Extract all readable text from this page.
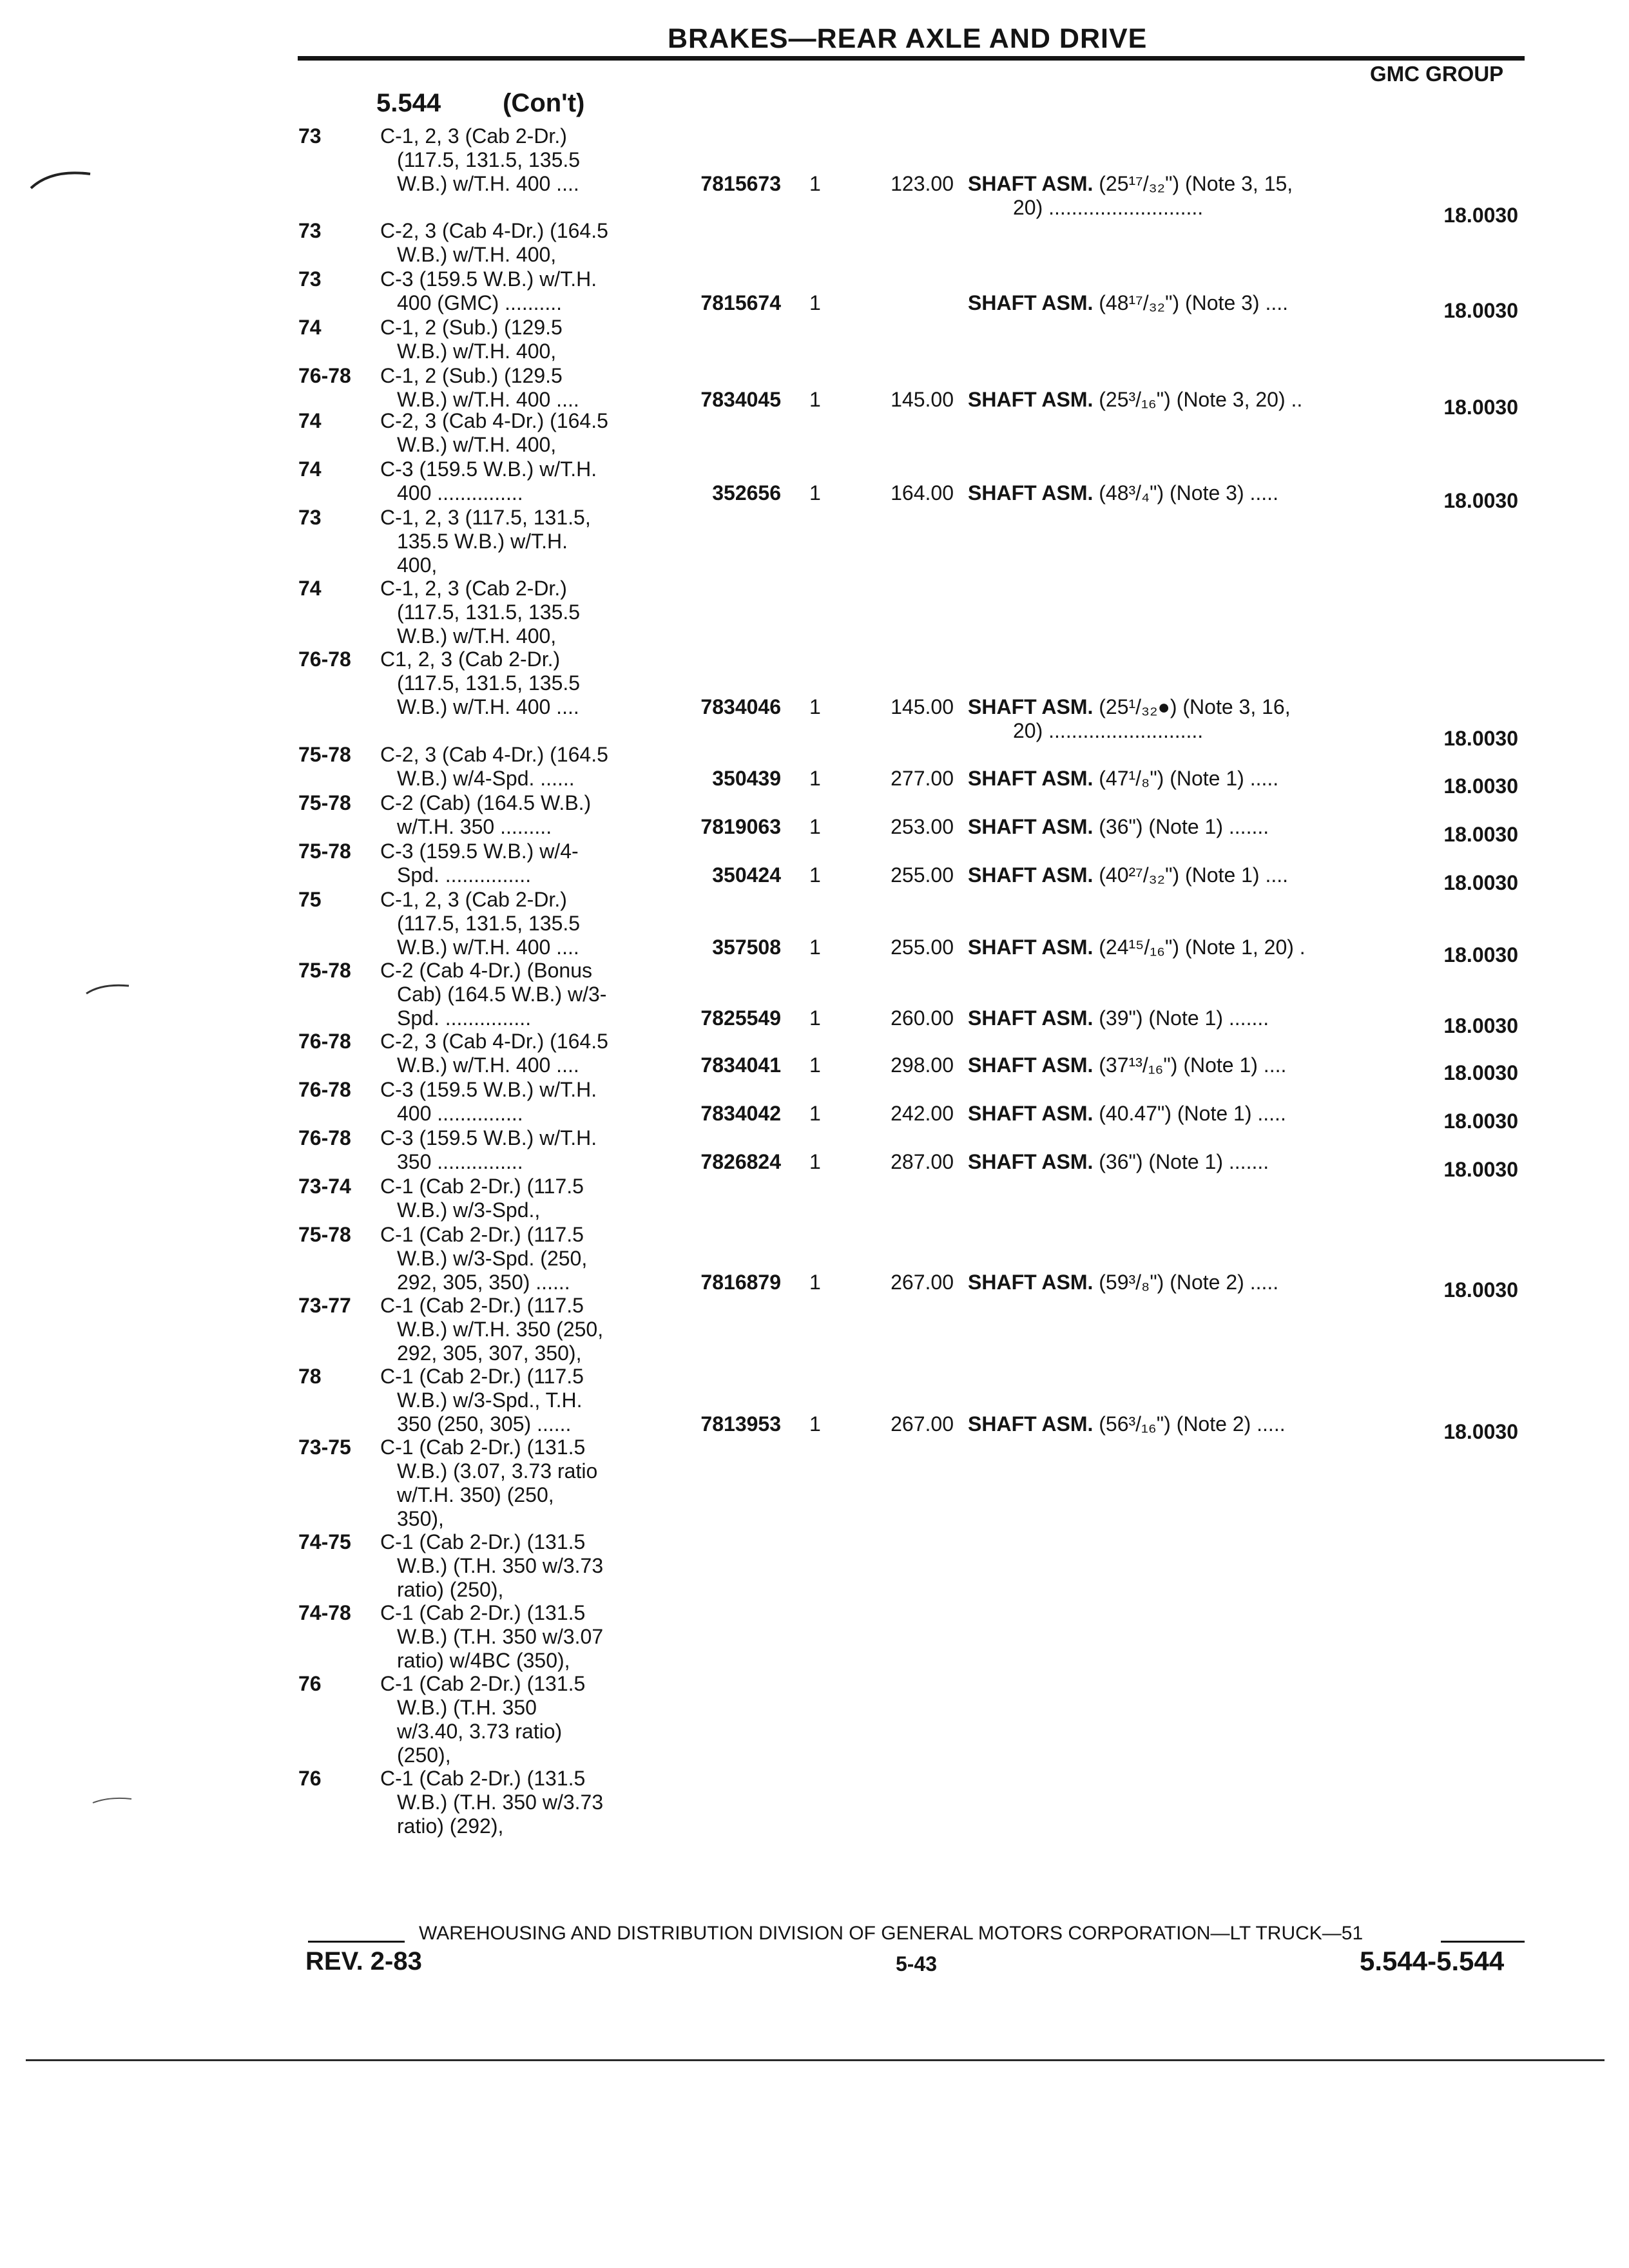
BRAKES—REAR AXLE AND DRIVE
GMC GROUP
5.544 (Con't)
73	C-1, 2, 3 (Cab 2-Dr.)
(117.5, 131.5, 135.5
W.B.) w/T.H. 400 ....	7815673 1	123.00 SHAFT ASM. (25¹⁷/₃₂") (Note 3, 15,
20) ...........................	18.0030
73	C-2, 3 (Cab 4-Dr.) (164.5
W.B.) w/T.H. 400,
73	C-3 (159.5 W.B.) w/T.H.
400 (GMC) ..........	7815674 1	SHAFT ASM. (48¹⁷/₃₂") (Note 3) ....	18.0030
74	C-1, 2 (Sub.) (129.5
W.B.) w/T.H. 400,
76-78	C-1, 2 (Sub.) (129.5
W.B.) w/T.H. 400 ....	7834045 1	145.00 SHAFT ASM. (25³/₁₆") (Note 3, 20) ..	18.0030
74	C-2, 3 (Cab 4-Dr.) (164.5
W.B.) w/T.H. 400,
74	C-3 (159.5 W.B.) w/T.H.
400 ...............	352656 1	164.00 SHAFT ASM. (48³/₄") (Note 3) .....	18.0030
73	C-1, 2, 3 (117.5, 131.5,
135.5 W.B.) w/T.H.
400,
74	C-1, 2, 3 (Cab 2-Dr.)
(117.5, 131.5, 135.5
W.B.) w/T.H. 400,
76-78	C1, 2, 3 (Cab 2-Dr.)
(117.5, 131.5, 135.5
W.B.) w/T.H. 400 ....	7834046 1	145.00 SHAFT ASM. (25¹/₃₂●) (Note 3, 16,
20) ...........................	18.0030
75-78	C-2, 3 (Cab 4-Dr.) (164.5
W.B.) w/4-Spd. ......	350439 1	277.00 SHAFT ASM. (47¹/₈") (Note 1) .....	18.0030
75-78	C-2 (Cab) (164.5 W.B.)
w/T.H. 350 .........	7819063 1	253.00 SHAFT ASM. (36") (Note 1) .......	18.0030
75-78	C-3 (159.5 W.B.) w/4-
Spd. ...............	350424 1	255.00 SHAFT ASM. (40²⁷/₃₂") (Note 1) ....	18.0030
75	C-1, 2, 3 (Cab 2-Dr.)
(117.5, 131.5, 135.5
W.B.) w/T.H. 400 ....	357508 1	255.00 SHAFT ASM. (24¹⁵/₁₆") (Note 1, 20) .	18.0030
75-78	C-2 (Cab 4-Dr.) (Bonus
Cab) (164.5 W.B.) w/3-
Spd. ...............	7825549 1	260.00 SHAFT ASM. (39") (Note 1) .......	18.0030
76-78	C-2, 3 (Cab 4-Dr.) (164.5
W.B.) w/T.H. 400 ....	7834041 1	298.00 SHAFT ASM. (37¹³/₁₆") (Note 1) ....	18.0030
76-78	C-3 (159.5 W.B.) w/T.H.
400 ...............	7834042 1	242.00 SHAFT ASM. (40.47") (Note 1) .....	18.0030
76-78	C-3 (159.5 W.B.) w/T.H.
350 ...............	7826824 1	287.00 SHAFT ASM. (36") (Note 1) .......	18.0030
73-74	C-1 (Cab 2-Dr.) (117.5
W.B.) w/3-Spd.,
75-78	C-1 (Cab 2-Dr.) (117.5
W.B.) w/3-Spd. (250,
292, 305, 350) ......	7816879 1	267.00 SHAFT ASM. (59³/₈") (Note 2) .....	18.0030
73-77	C-1 (Cab 2-Dr.) (117.5
W.B.) w/T.H. 350 (250,
292, 305, 307, 350),
78	C-1 (Cab 2-Dr.) (117.5
W.B.) w/3-Spd., T.H.
350 (250, 305) ......	7813953 1	267.00 SHAFT ASM. (56³/₁₆") (Note 2) .....	18.0030
73-75	C-1 (Cab 2-Dr.) (131.5
W.B.) (3.07, 3.73 ratio
w/T.H. 350) (250,
350),
74-75	C-1 (Cab 2-Dr.) (131.5
W.B.) (T.H. 350 w/3.73
ratio) (250),
74-78	C-1 (Cab 2-Dr.) (131.5
W.B.) (T.H. 350 w/3.07
ratio) w/4BC (350),
76	C-1 (Cab 2-Dr.) (131.5
W.B.) (T.H. 350
w/3.40, 3.73 ratio)
(250),
76	C-1 (Cab 2-Dr.) (131.5
W.B.) (T.H. 350 w/3.73
ratio) (292),
WAREHOUSING AND DISTRIBUTION DIVISION OF GENERAL MOTORS CORPORATION—LT TRUCK—51
REV. 2-83	5-43	5.544-5.544
